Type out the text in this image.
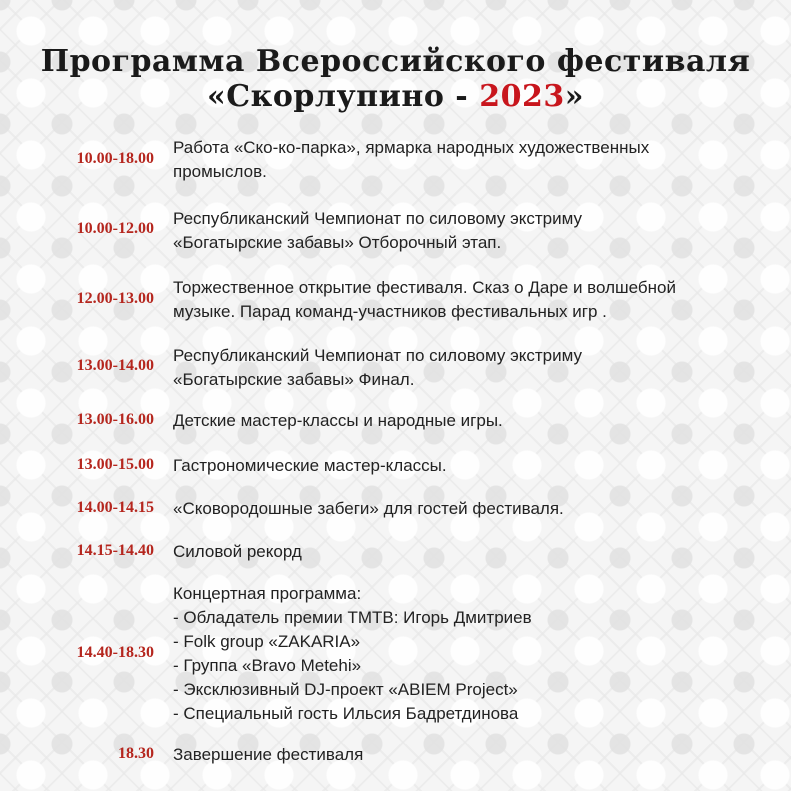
Программа Всероссийского фестиваля
«Скорлупино - 2023»
10.00-18.00
Работа «Ско-ко-парка», ярмарка народных художественных
промыслов.
10.00-12.00
Республиканский Чемпионат по силовому экстриму
«Богатырские забавы» Отборочный этап.
12.00-13.00
Торжественное открытие фестиваля. Сказ о Даре и волшебной
музыке. Парад команд-участников фестивальных игр .
13.00-14.00
Республиканский Чемпионат по силовому экстриму
«Богатырские забавы» Финал.
13.00-16.00 Детские мастер-классы и народные игры.
13.00-15.00 Гастрономические мастер-классы.
14.00-14.15 «Сковородошные забеги» для гостей фестиваля.
14.15-14.40 Силовой рекорд
14.40-18.30
Концертная программа:
- Обладатель премии ТМТВ: Игорь Дмитриев
- Folk group «ZAKARIA»
- Группа «Bravo Metehi»
- Эксклюзивный DJ-проект «ABIEM Project»
- Специальный гость Ильсия Бадретдинова
18.30 Завершение фестиваля
